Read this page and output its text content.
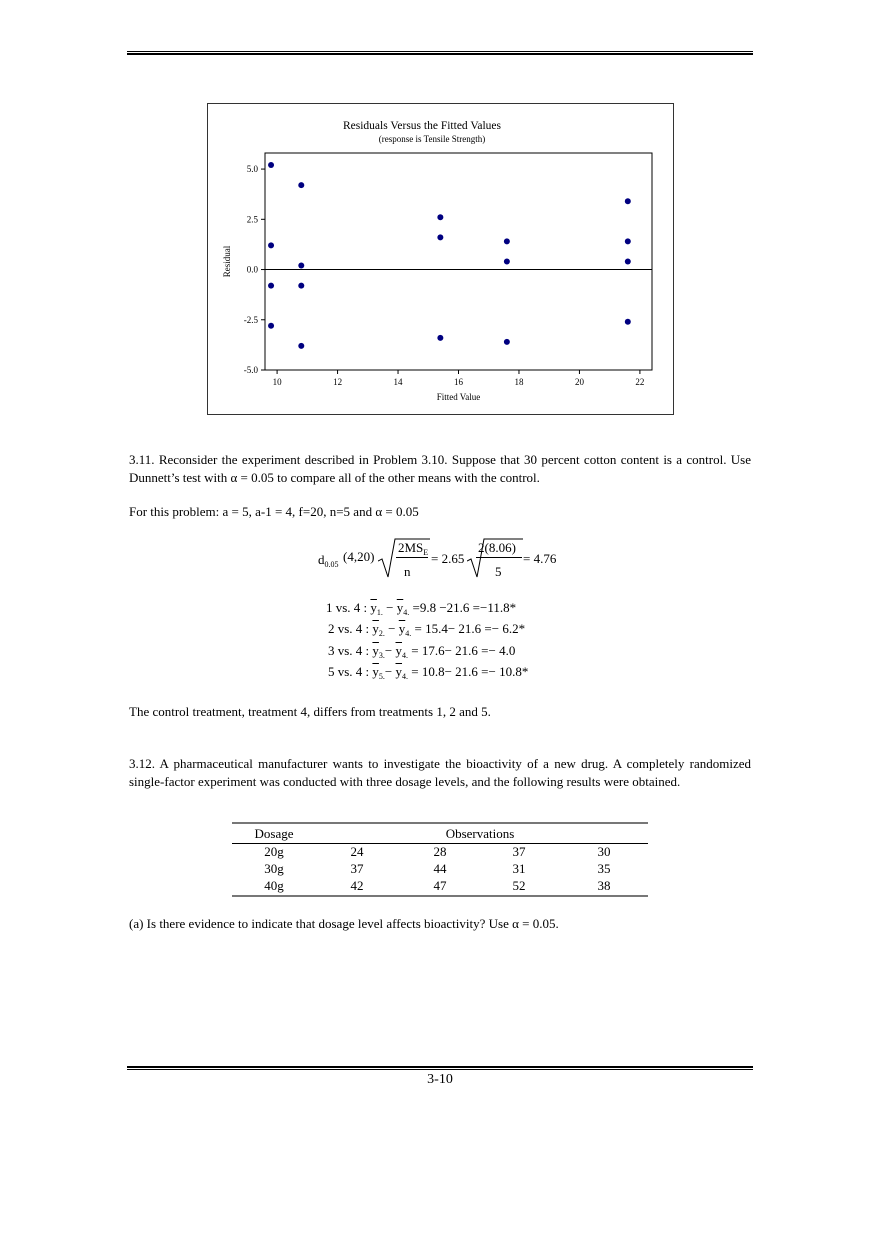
Residuals Versus the Fitted Values
(response is Tensile Strength)
5.0
2.5
0.0
-2.5
-5.0
10	12	14	16	18	20	22
Fitted Value
Residual
3.11. Reconsider the experiment described in Problem 3.10. Suppose that 30 percent cotton content is a control. Use Dunnett’s test with α = 0.05 to compare all of the other means with the control.
For this problem: a = 5, a-1 = 4, f=20, n=5 and α = 0.05
$d_{0.05}$
(4,20)
$2MS_E$
n
= 2.65
2(8.06)
5
= 4.76
1 vs. 4 : $\overline{y}_{1.} - \overline{y}_{4.} =9.8 -21.6 =-11.8*$
2 vs. 4 : $\overline{y}_{2.} - \overline{y}_{4.} = 15.4- 21.6 =- 6.2*$
3 vs. 4 : $\overline{y}_{3.}- \overline{y}_{4.} = 17.6- 21.6 =- 4.0$
5 vs. 4 : $\overline{y}_{5.}- \overline{y}_{4.} = 10.8- 21.6 =- 10.8*$
The control treatment, treatment 4, differs from treatments 1, 2 and 5.
3.12. A pharmaceutical manufacturer wants to investigate the bioactivity of a new drug. A completely randomized single-factor experiment was conducted with three dosage levels, and the following results were obtained.
Dosage	Observations
20g	24	28	37	30
30g	37	44	31	35
40g	42	47	52	38
(a) Is there evidence to indicate that dosage level affects bioactivity? Use α = 0.05.
3-10
